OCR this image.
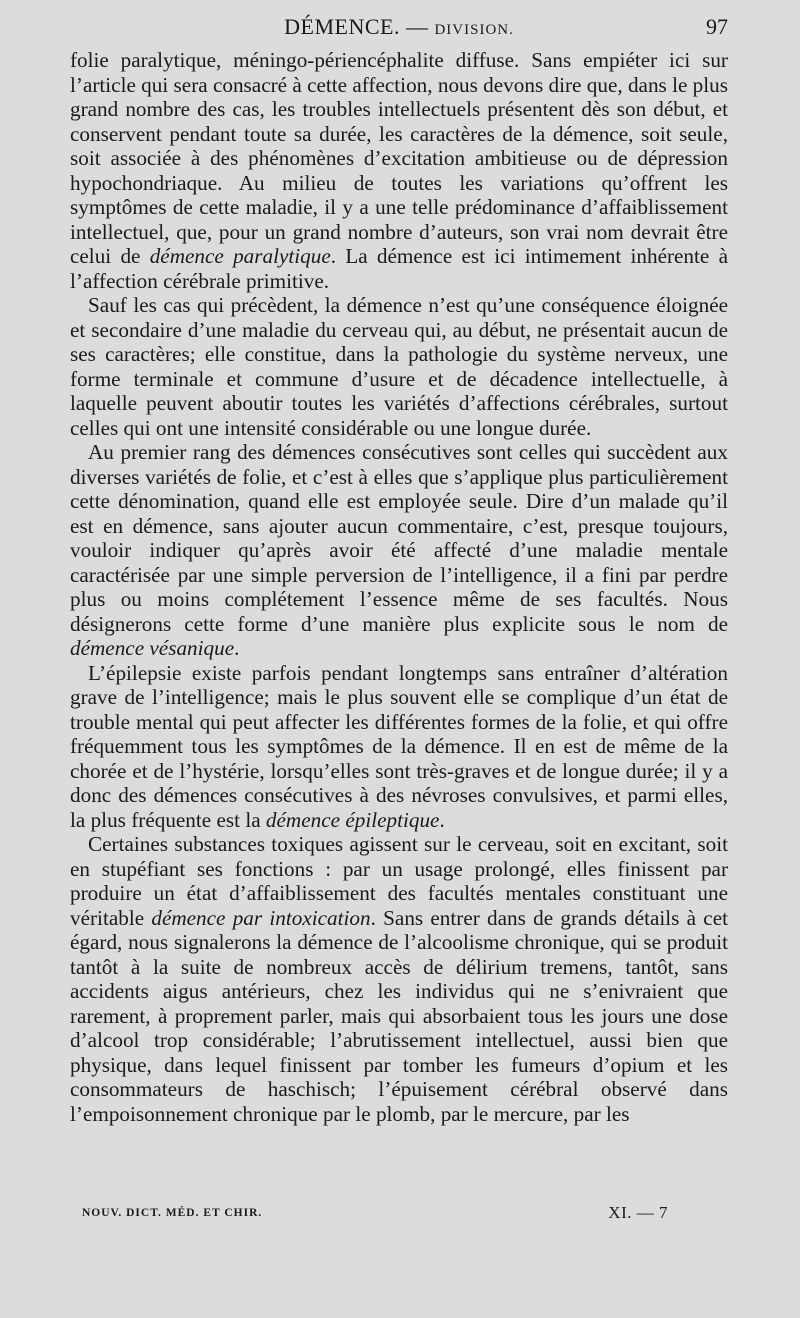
DÉMENCE. — DIVISION.	97

folie paralytique, méningo-périencéphalite diffuse. Sans empiéter ici sur l’article qui sera consacré à cette affection, nous devons dire que, dans le plus grand nombre des cas, les troubles intellectuels présentent dès son début, et conservent pendant toute sa durée, les caractères de la démence, soit seule, soit associée à des phénomènes d’excitation ambitieuse ou de dépression hypochondriaque. Au milieu de toutes les variations qu’offrent les symptômes de cette maladie, il y a une telle prédominance d’affaiblissement intellectuel, que, pour un grand nombre d’auteurs, son vrai nom devrait être celui de démence paralytique. La démence est ici intimement inhérente à l’affection cérébrale primitive.

Sauf les cas qui précèdent, la démence n’est qu’une conséquence éloignée et secondaire d’une maladie du cerveau qui, au début, ne présentait aucun de ses caractères; elle constitue, dans la pathologie du système nerveux, une forme terminale et commune d’usure et de décadence intellectuelle, à laquelle peuvent aboutir toutes les variétés d’affections cérébrales, surtout celles qui ont une intensité considérable ou une longue durée.

Au premier rang des démences consécutives sont celles qui succèdent aux diverses variétés de folie, et c’est à elles que s’applique plus particulièrement cette dénomination, quand elle est employée seule. Dire d’un malade qu’il est en démence, sans ajouter aucun commentaire, c’est, presque toujours, vouloir indiquer qu’après avoir été affecté d’une maladie mentale caractérisée par une simple perversion de l’intelligence, il a fini par perdre plus ou moins complétement l’essence même de ses facultés. Nous désignerons cette forme d’une manière plus explicite sous le nom de démence vésanique.

L’épilepsie existe parfois pendant longtemps sans entraîner d’altération grave de l’intelligence; mais le plus souvent elle se complique d’un état de trouble mental qui peut affecter les différentes formes de la folie, et qui offre fréquemment tous les symptômes de la démence. Il en est de même de la chorée et de l’hystérie, lorsqu’elles sont très-graves et de longue durée; il y a donc des démences consécutives à des névroses convulsives, et parmi elles, la plus fréquente est la démence épileptique.

Certaines substances toxiques agissent sur le cerveau, soit en excitant, soit en stupéfiant ses fonctions : par un usage prolongé, elles finissent par produire un état d’affaiblissement des facultés mentales constituant une véritable démence par intoxication. Sans entrer dans de grands détails à cet égard, nous signalerons la démence de l’alcoolisme chronique, qui se produit tantôt à la suite de nombreux accès de délirium tremens, tantôt, sans accidents aigus antérieurs, chez les individus qui ne s’enivraient que rarement, à proprement parler, mais qui absorbaient tous les jours une dose d’alcool trop considérable; l’abrutissement intellectuel, aussi bien que physique, dans lequel finissent par tomber les fumeurs d’opium et les consommateurs de haschisch; l’épuisement cérébral observé dans l’empoisonnement chronique par le plomb, par le mercure, par les

NOUV. DICT. MÉD. ET CHIR.	XI. — 7
